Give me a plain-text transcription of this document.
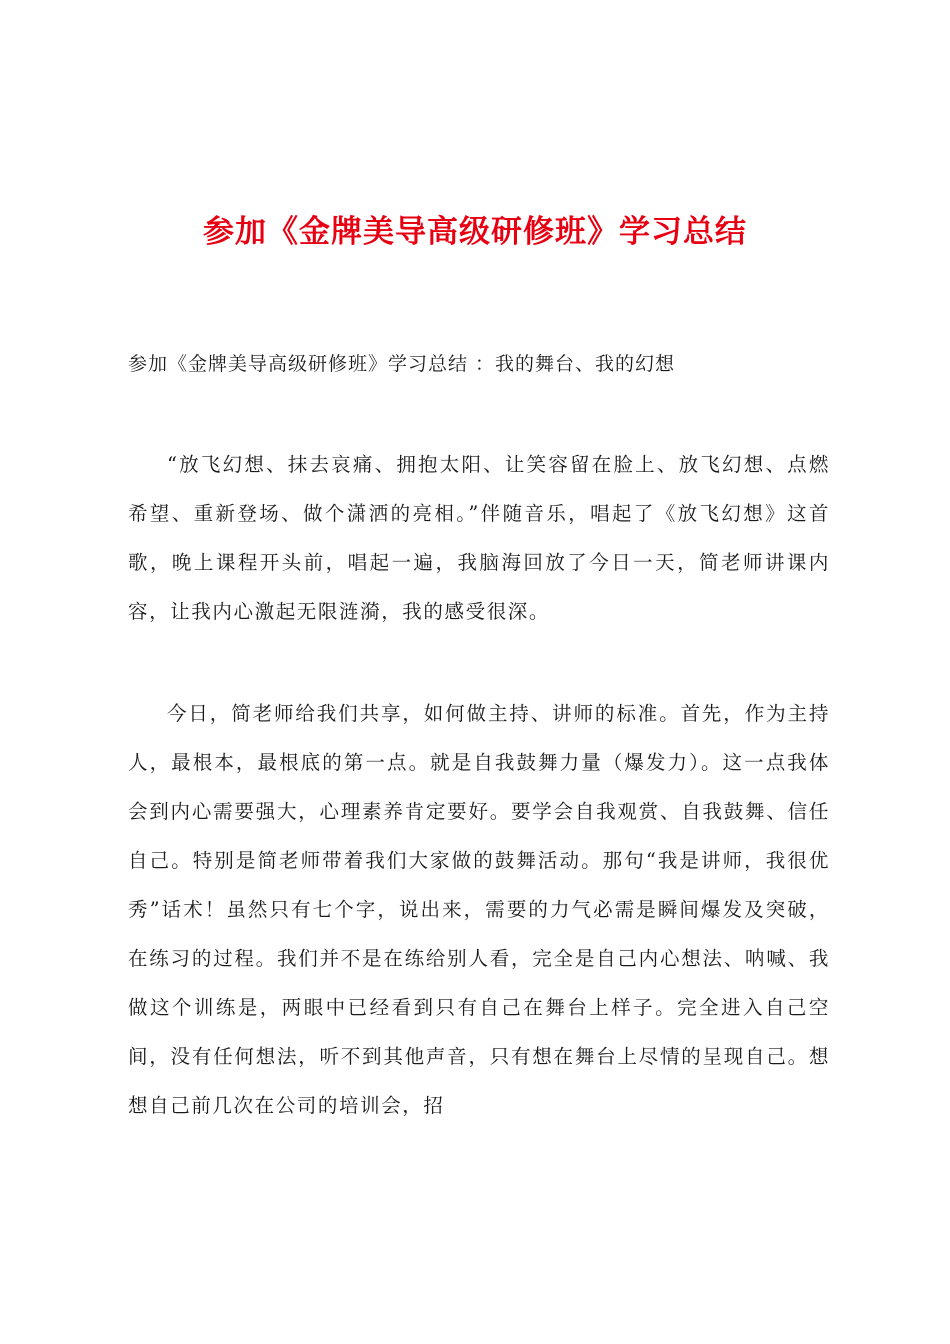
参加《金牌美导高级研修班》学习总结
参加《金牌美导高级研修班》学习总结 ：我的舞台、我的幻想

“放飞幻想、抹去哀痛、拥抱太阳、让笑容留在脸上、放飞幻想、点燃希望、重新登场、做个潇洒的亮相。”伴随音乐，唱起了《放飞幻想》这首歌，晚上课程开头前，唱起一遍，我脑海回放了今日一天，简老师讲课内容，让我内心激起无限涟漪，我的感受很深。

今日，简老师给我们共享，如何做主持、讲师的标准。首先，作为主持人，最根本，最根底的第一点。就是自我鼓舞力量（爆发力）。这一点我体会到内心需要强大，心理素养肯定要好。要学会自我观赏、自我鼓舞、信任自己。特别是简老师带着我们大家做的鼓舞活动。那句“我是讲师，我很优秀”话术！虽然只有七个字，说出来，需要的力气必需是瞬间爆发及突破，在练习的过程。我们并不是在练给别人看，完全是自己内心想法、呐喊、我做这个训练是，两眼中已经看到只有自己在舞台上样子。完全进入自己空间，没有任何想法，听不到其他声音，只有想在舞台上尽情的呈现自己。想想自己前几次在公司的培训会，招
